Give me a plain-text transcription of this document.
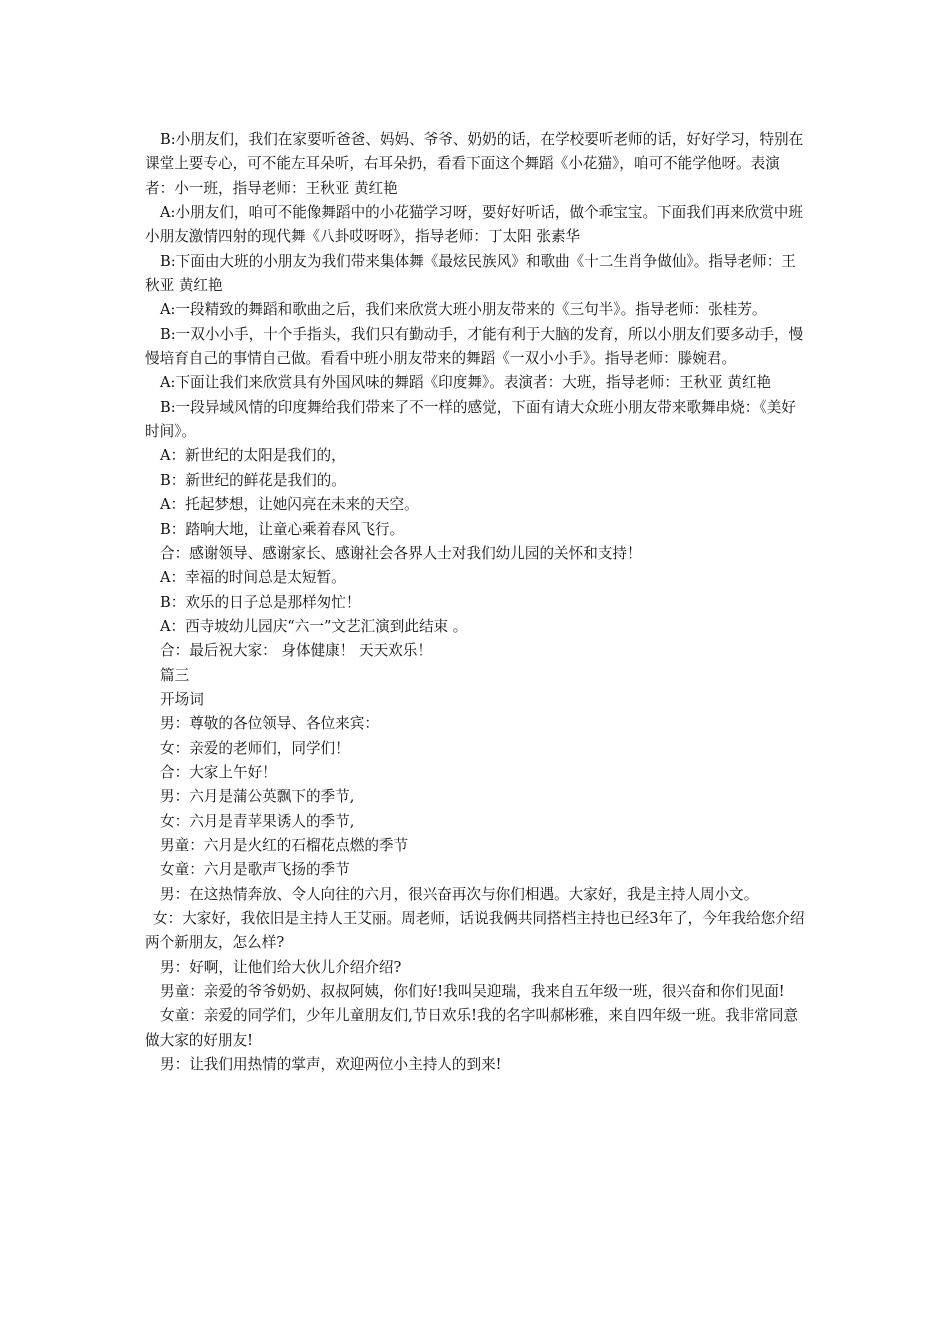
B:小朋友们，我们在家要听爸爸、妈妈、爷爷、奶奶的话，在学校要听老师的话，好好学习，特别在课堂上要专心，可不能左耳朵听，右耳朵扔，看看下面这个舞蹈《小花猫》，咱可不能学他呀。表演者：小一班，指导老师：王秋亚 黄红艳

A:小朋友们，咱可不能像舞蹈中的小花猫学习呀，要好好听话，做个乖宝宝。下面我们再来欣赏中班小朋友激情四射的现代舞《八卦哎呀呀》，指导老师：丁太阳 张素华

B:下面由大班的小朋友为我们带来集体舞《最炫民族风》和歌曲《十二生肖争做仙》。指导老师：王秋亚 黄红艳

A:一段精致的舞蹈和歌曲之后，我们来欣赏大班小朋友带来的《三句半》。指导老师：张桂芳。

B:一双小小手，十个手指头，我们只有勤动手，才能有利于大脑的发育，所以小朋友们要多动手，慢慢培育自己的事情自己做。看看中班小朋友带来的舞蹈《一双小小手》。指导老师：滕婉君。

A:下面让我们来欣赏具有外国风味的舞蹈《印度舞》。表演者：大班，指导老师：王秋亚 黄红艳

B:一段异域风情的印度舞给我们带来了不一样的感觉，下面有请大众班小朋友带来歌舞串烧：《美好时间》。

A：新世纪的太阳是我们的，

B：新世纪的鲜花是我们的。

A：托起梦想，让她闪亮在未来的天空。

B：踏响大地，让童心乘着春风飞行。

合：感谢领导、感谢家长、感谢社会各界人士对我们幼儿园的关怀和支持！

A：幸福的时间总是太短暂。

B：欢乐的日子总是那样匆忙！

A：西寺坡幼儿园庆“六一”文艺汇演到此结束 。

合：最后祝大家： 身体健康！ 天天欢乐！

篇三

开场词

男：尊敬的各位领导、各位来宾：

女：亲爱的老师们，同学们！

合：大家上午好！

男：六月是蒲公英飘下的季节,

女：六月是青苹果诱人的季节,

男童：六月是火红的石榴花点燃的季节

女童：六月是歌声飞扬的季节

男：在这热情奔放、令人向往的六月，很兴奋再次与你们相遇。大家好，我是主持人周小文。

女：大家好，我依旧是主持人王艾丽。周老师，话说我俩共同搭档主持也已经3年了，今年我给您介绍两个新朋友，怎么样?

男：好啊，让他们给大伙儿介绍介绍?

男童：亲爱的爷爷奶奶、叔叔阿姨，你们好!我叫吴迎瑞，我来自五年级一班，很兴奋和你们见面!

女童：亲爱的同学们，少年儿童朋友们,节日欢乐!我的名字叫郝彬雅，来自四年级一班。我非常同意做大家的好朋友!

男：让我们用热情的掌声，欢迎两位小主持人的到来!
